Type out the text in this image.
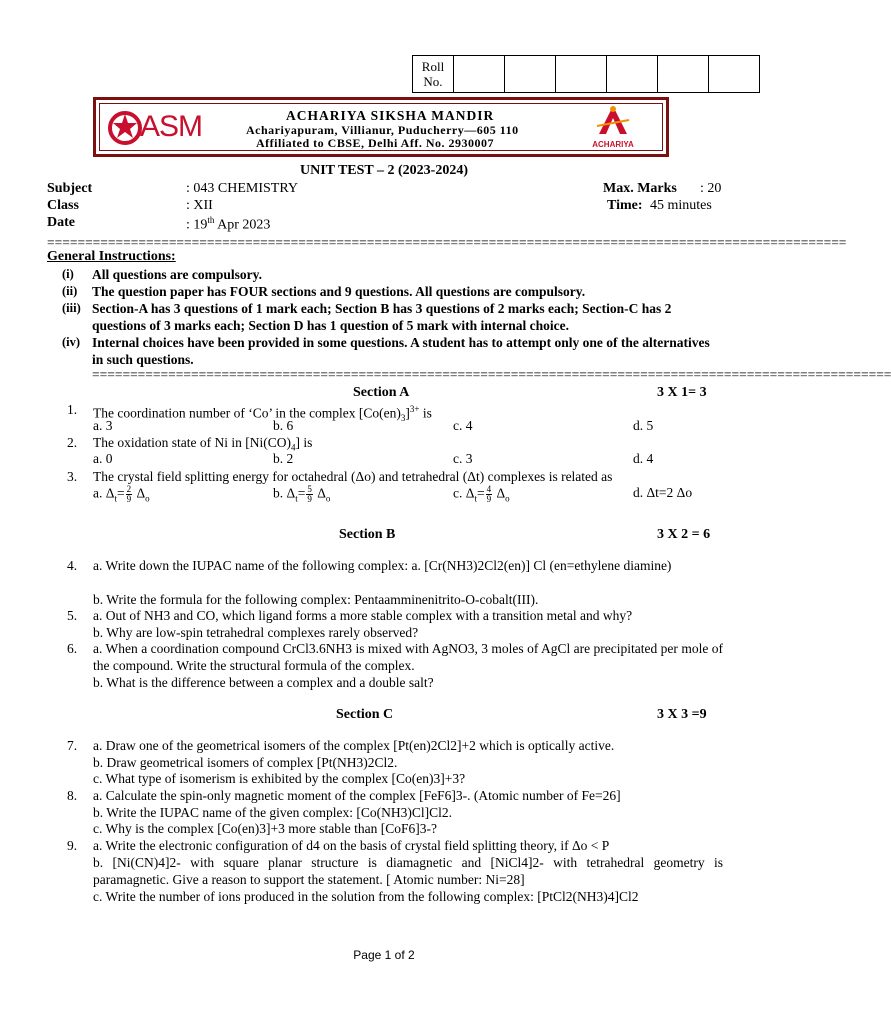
Roll No.						
ASM	ACHARIYA SIKSHA MANDIR
Achariyapuram, Villianur, Puducherry—605 110
Affiliated to CBSE, Delhi Aff. No. 2930007	ACHARIYA
UNIT TEST – 2 (2023-2024)
Subject	: 043 CHEMISTRY	Max. Marks : 20
Class	: XII	Time: 45 minutes
Date	: 19th Apr 2023
=========================================================================================================
General Instructions:
(i)	All questions are compulsory.
(ii)	The question paper has FOUR sections and 9 questions. All questions are compulsory.
(iii) Section-A has 3 questions of 1 mark each; Section B has 3 questions of 2 marks each; Section-C has 2 questions of 3 marks each; Section D has 1 question of 5 mark with internal choice.
(iv) Internal choices have been provided in some questions. A student has to attempt only one of the alternatives in such questions.
=========================================================================================================
Section A	3 X 1= 3
1. The coordination number of ‘Co’ in the complex $[Co(en)_3]^{3+}$ is
a. 3	b. 6	c. 4	d. 5
2. The oxidation state of Ni in $[Ni(CO)_4]$ is
a. 0	b. 2	c. 3	d. 4
3. The crystal field splitting energy for octahedral (Δo) and tetrahedral (Δt) complexes is related as
a. $\Delta_t= \frac{2}{9} \Delta_o$	b. $\Delta_t= \frac{5}{9} \Delta_o$	c. $\Delta_t= \frac{4}{9} \Delta_o$	d. Δt=2 Δo
Section B	3 X 2 = 6
4. a. Write down the IUPAC name of the following complex: a. [Cr(NH3)2Cl2(en)] Cl (en=ethylene diamine)
b. Write the formula for the following complex: Pentaamminenitrito-O-cobalt(III).
5. a. Out of NH3 and CO, which ligand forms a more stable complex with a transition metal and why?
b. Why are low-spin tetrahedral complexes rarely observed?
6. a. When a coordination compound CrCl3.6NH3 is mixed with AgNO3, 3 moles of AgCl are precipitated per mole of the compound. Write the structural formula of the complex.
b. What is the difference between a complex and a double salt?
Section C	3 X 3 =9
7. a. Draw one of the geometrical isomers of the complex [Pt(en)2Cl2]+2 which is optically active.
b. Draw geometrical isomers of complex [Pt(NH3)2Cl2.
c. What type of isomerism is exhibited by the complex [Co(en)3]+3?
8. a. Calculate the spin-only magnetic moment of the complex [FeF6]3-. (Atomic number of Fe=26]
b. Write the IUPAC name of the given complex: [Co(NH3)Cl]Cl2.
c. Why is the complex [Co(en)3]+3 more stable than [CoF6]3-?
9. a. Write the electronic configuration of d4 on the basis of crystal field splitting theory, if Δo < P
b. [Ni(CN)4]2- with square planar structure is diamagnetic and [NiCl4]2- with tetrahedral geometry is paramagnetic. Give a reason to support the statement. [ Atomic number: Ni=28]
c. Write the number of ions produced in the solution from the following complex: [PtCl2(NH3)4]Cl2
Page 1 of 2
